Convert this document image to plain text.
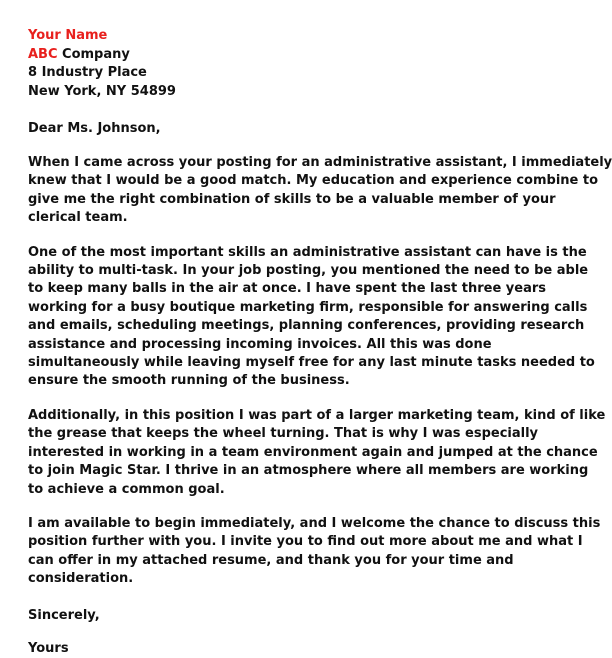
Your Name
ABC Company
8 Industry Place
New York, NY 54899
Dear Ms. Johnson,

When I came across your posting for an administrative assistant, I immediately
knew that I would be a good match. My education and experience combine to
give me the right combination of skills to be a valuable member of your
clerical team.

One of the most important skills an administrative assistant can have is the
ability to multi-task. In your job posting, you mentioned the need to be able
to keep many balls in the air at once. I have spent the last three years
working for a busy boutique marketing firm, responsible for answering calls
and emails, scheduling meetings, planning conferences, providing research
assistance and processing incoming invoices. All this was done
simultaneously while leaving myself free for any last minute tasks needed to
ensure the smooth running of the business.

Additionally, in this position I was part of a larger marketing team, kind of like
the grease that keeps the wheel turning. That is why I was especially
interested in working in a team environment again and jumped at the chance
to join Magic Star. I thrive in an atmosphere where all members are working
to achieve a common goal.

I am available to begin immediately, and I welcome the chance to discuss this
position further with you. I invite you to find out more about me and what I
can offer in my attached resume, and thank you for your time and
consideration.

Sincerely,
Yours
